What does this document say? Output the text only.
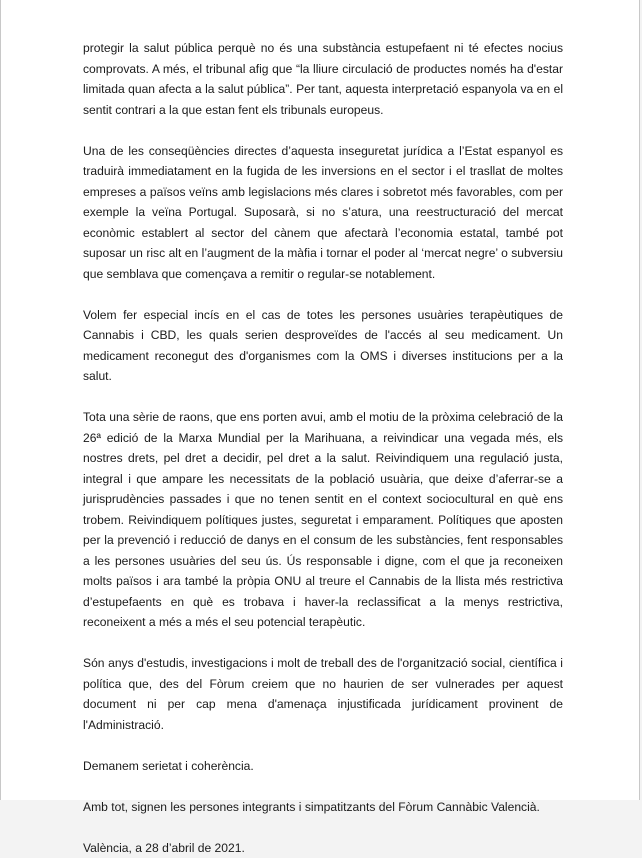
protegir la salut pública perquè no és una substància estupefaent ni té efectes nocius comprovats. A més, el tribunal afig que “la lliure circulació de productes només ha d'estar limitada quan afecta a la salut pública”. Per tant, aquesta interpretació espanyola va en el sentit contrari a la que estan fent els tribunals europeus.

Una de les conseqüències directes d’aquesta inseguretat jurídica a l’Estat espanyol es traduirà immediatament en la fugida de les inversions en el sector i el trasllat de moltes empreses a països veïns amb legislacions més clares i sobretot més favorables, com per exemple la veïna Portugal. Suposarà, si no s’atura, una reestructuració del mercat econòmic establert al sector del cànem que afectarà l’economia estatal, també pot suposar un risc alt en l’augment de la màfia i tornar el poder al ‘mercat negre’ o subversiu que semblava que començava a remitir o regular-se notablement.

Volem fer especial incís en el cas de totes les persones usuàries terapèutiques de Cannabis i CBD, les quals serien desproveïdes de l'accés al seu medicament. Un medicament reconegut des d'organismes com la OMS i diverses institucions per a la salut.

Tota una sèrie de raons, que ens porten avui, amb el motiu de la pròxima celebració de la 26ª edició de la Marxa Mundial per la Marihuana, a reivindicar una vegada més, els nostres drets, pel dret a decidir, pel dret a la salut. Reivindiquem una regulació justa, integral i que ampare les necessitats de la població usuària, que deixe d’aferrar-se a jurisprudències passades i que no tenen sentit en el context sociocultural en què ens trobem. Reivindiquem polítiques justes, seguretat i emparament. Polítiques que aposten per la prevenció i reducció de danys en el consum de les substàncies, fent responsables a les persones usuàries del seu ús. Ús responsable i digne, com el que ja reconeixen molts països i ara també la pròpia ONU al treure el Cannabis de la llista més restrictiva d’estupefaents en què es trobava i haver-la reclassificat a la menys restrictiva, reconeixent a més a més el seu potencial terapèutic.

Són anys d'estudis, investigacions i molt de treball des de l'organització social, científica i política que, des del Fòrum creiem que no haurien de ser vulnerades per aquest document ni per cap mena d'amenaça injustificada jurídicament provinent de l'Administració.

Demanem serietat i coherència.

Amb tot, signen les persones integrants i simpatitzants del Fòrum Cannàbic Valencià.

València, a 28 d’abril de 2021.
